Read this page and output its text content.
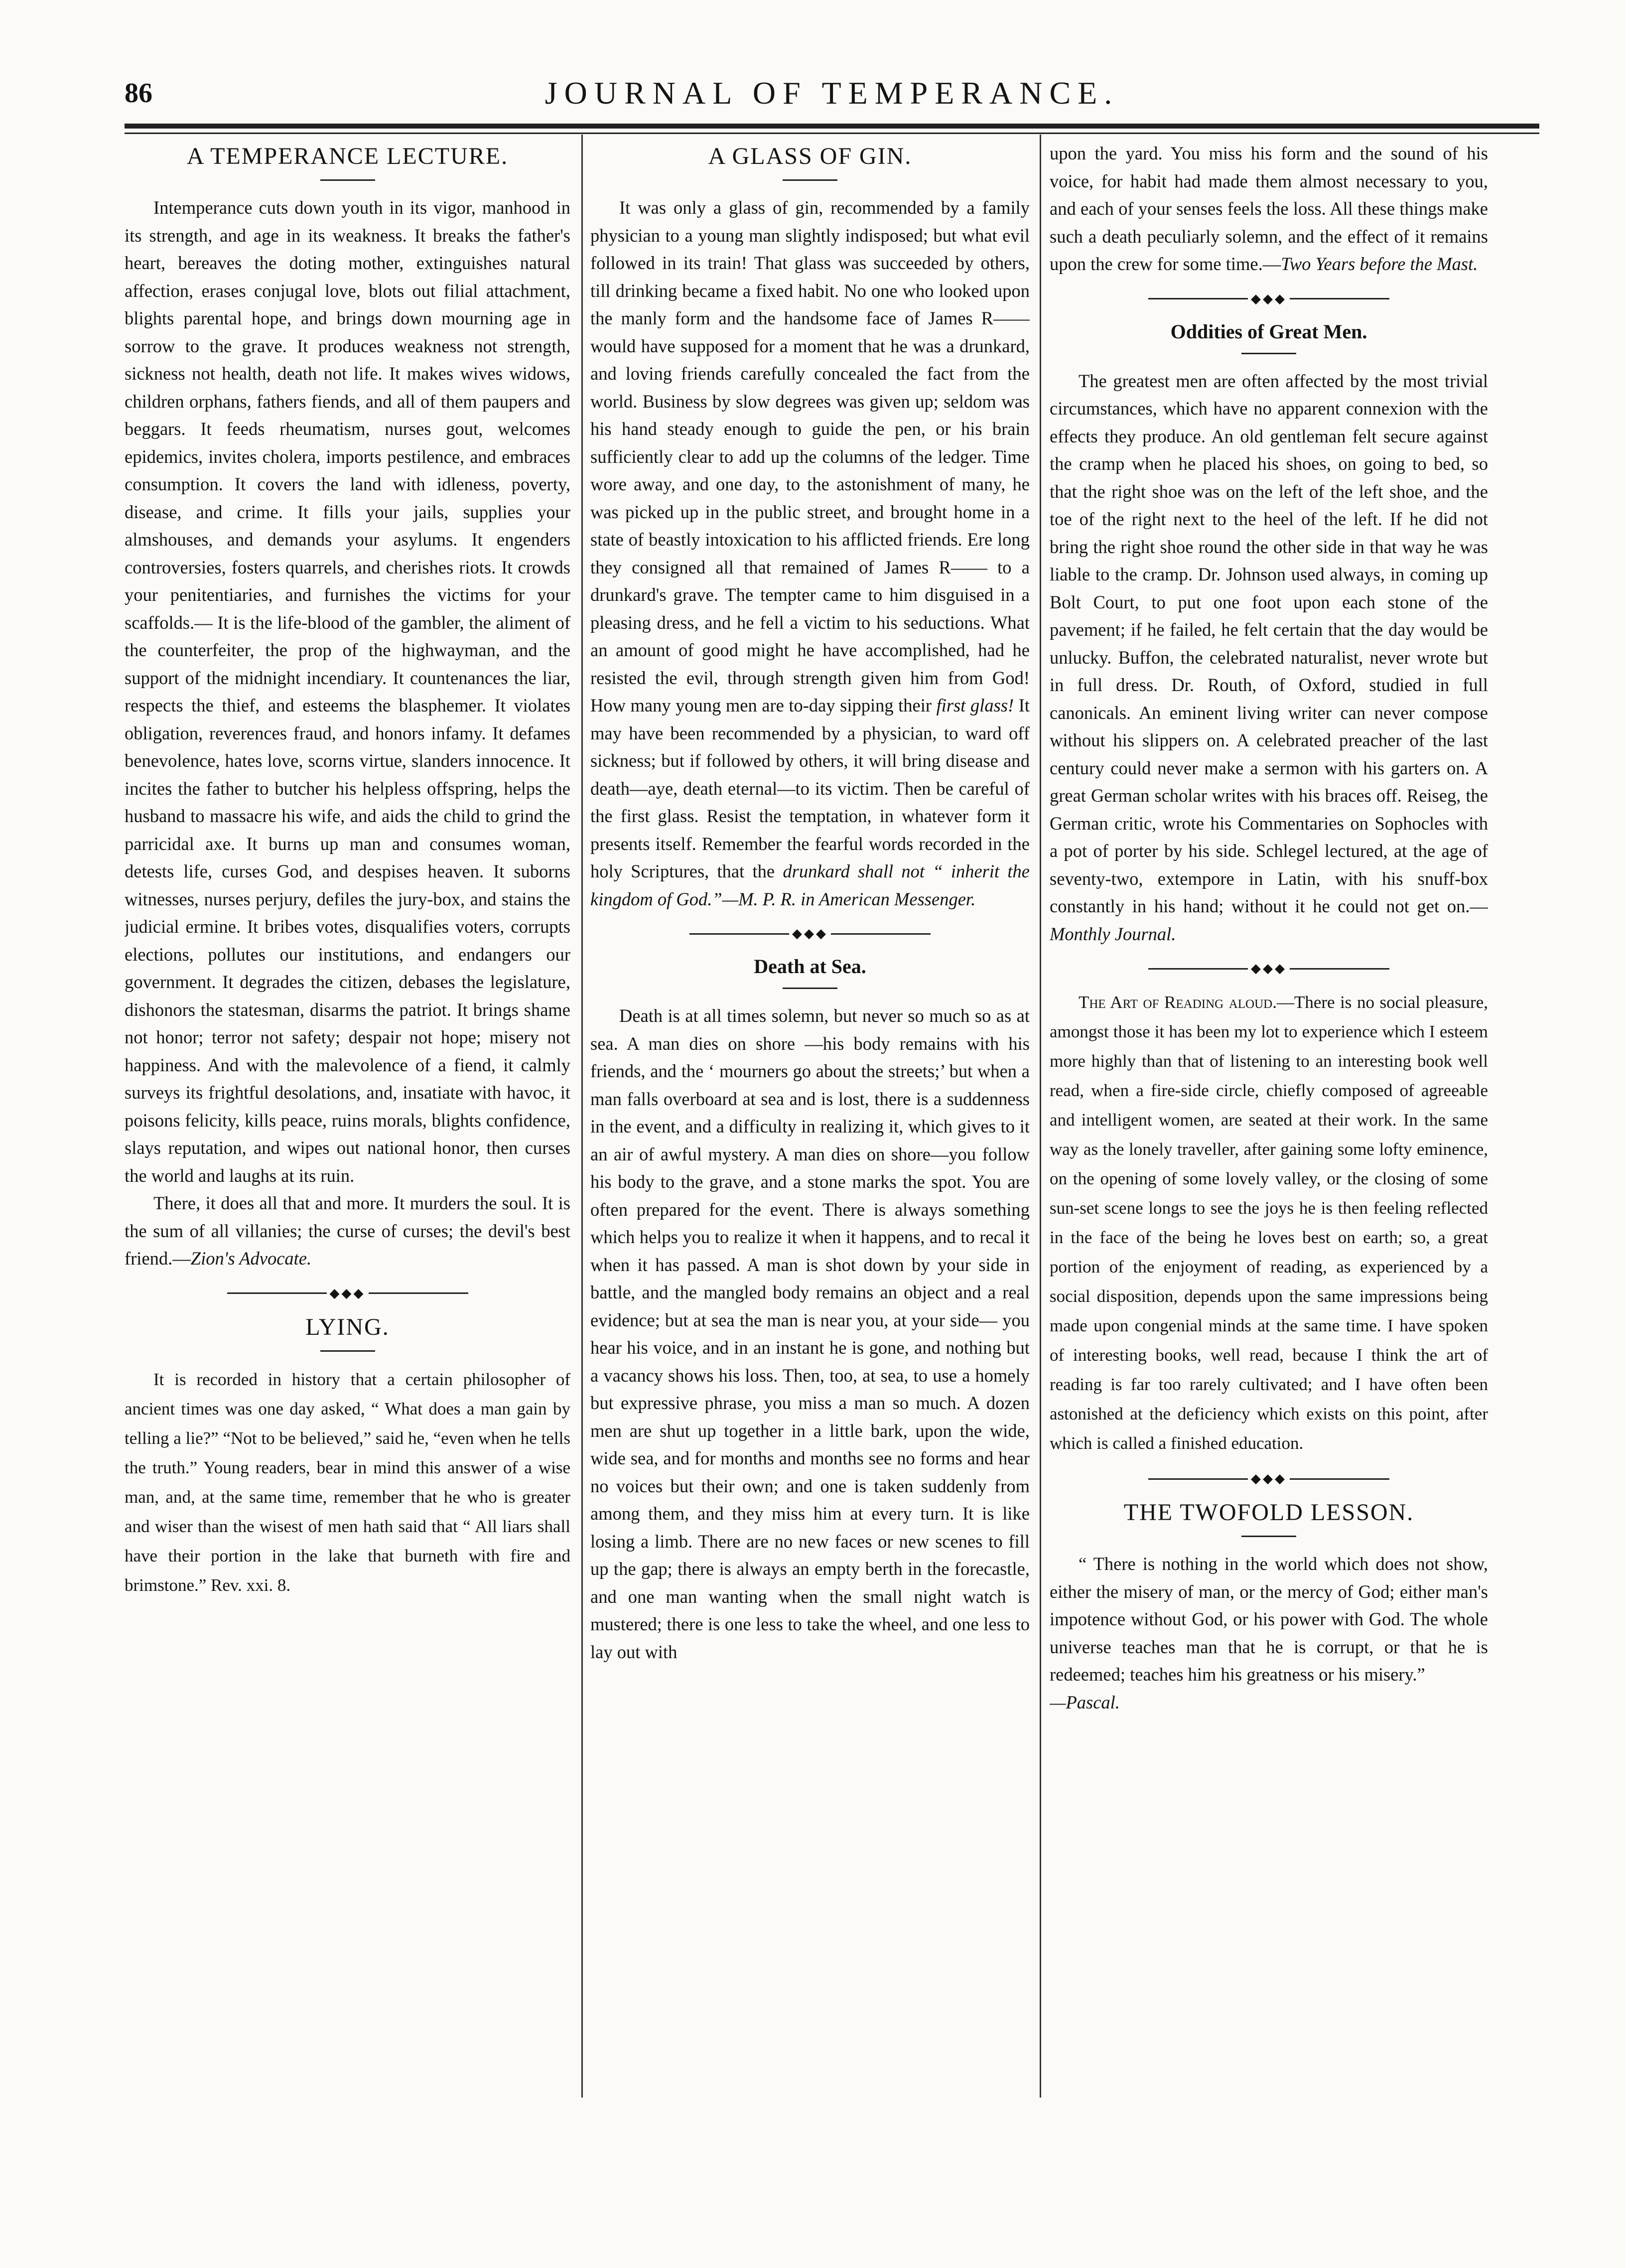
86	JOURNAL OF TEMPERANCE.
A TEMPERANCE LECTURE.

Intemperance cuts down youth in its vigor, manhood in its strength, and age in its weakness. It breaks the father's heart, bereaves the doting mother, extinguishes natural affection, erases conjugal love, blots out filial attachment, blights parental hope, and brings down mourning age in sorrow to the grave. It produces weakness not strength, sickness not health, death not life. It makes wives widows, children orphans, fathers fiends, and all of them paupers and beggars. It feeds rheumatism, nurses gout, welcomes epidemics, invites cholera, imports pestilence, and embraces consumption. It covers the land with idleness, poverty, disease, and crime. It fills your jails, supplies your almshouses, and demands your asylums. It engenders controversies, fosters quarrels, and cherishes riots. It crowds your penitentiaries, and furnishes the victims for your scaffolds.— It is the life-blood of the gambler, the aliment of the counterfeiter, the prop of the highwayman, and the support of the midnight incendiary. It countenances the liar, respects the thief, and esteems the blasphemer. It violates obligation, reverences fraud, and honors infamy. It defames benevolence, hates love, scorns virtue, slanders innocence. It incites the father to butcher his helpless offspring, helps the husband to massacre his wife, and aids the child to grind the parricidal axe. It burns up man and consumes woman, detests life, curses God, and despises heaven. It suborns witnesses, nurses perjury, defiles the jury-box, and stains the judicial ermine. It bribes votes, disqualifies voters, corrupts elections, pollutes our institutions, and endangers our government. It degrades the citizen, debases the legislature, dishonors the statesman, disarms the patriot. It brings shame not honor; terror not safety; despair not hope; misery not happiness. And with the malevolence of a fiend, it calmly surveys its frightful desolations, and, insatiate with havoc, it poisons felicity, kills peace, ruins morals, blights confidence, slays reputation, and wipes out national honor, then curses the world and laughs at its ruin.

There, it does all that and more. It murders the soul. It is the sum of all villanies; the curse of curses; the devil's best friend.—Zion's Advocate.

◆◆◆
LYING.

It is recorded in history that a certain philosopher of ancient times was one day asked, “ What does a man gain by telling a lie?” “Not to be believed,” said he, “even when he tells the truth.” Young readers, bear in mind this answer of a wise man, and, at the same time, remember that he who is greater and wiser than the wisest of men hath said that “ All liars shall have their portion in the lake that burneth with fire and brimstone.” Rev. xxi. 8.

A GLASS OF GIN.

It was only a glass of gin, recommended by a family physician to a young man slightly indisposed; but what evil followed in its train! That glass was succeeded by others, till drinking became a fixed habit. No one who looked upon the manly form and the handsome face of James R—— would have supposed for a moment that he was a drunkard, and loving friends carefully concealed the fact from the world. Business by slow degrees was given up; seldom was his hand steady enough to guide the pen, or his brain sufficiently clear to add up the columns of the ledger. Time wore away, and one day, to the astonishment of many, he was picked up in the public street, and brought home in a state of beastly intoxication to his afflicted friends. Ere long they consigned all that remained of James R—— to a drunkard's grave. The tempter came to him disguised in a pleasing dress, and he fell a victim to his seductions. What an amount of good might he have accomplished, had he resisted the evil, through strength given him from God! How many young men are to-day sipping their first glass! It may have been recommended by a physician, to ward off sickness; but if followed by others, it will bring disease and death—aye, death eternal—to its victim. Then be careful of the first glass. Resist the temptation, in whatever form it presents itself. Remember the fearful words recorded in the holy Scriptures, that the drunkard shall not “ inherit the kingdom of God.”—M. P. R. in American Messenger.

◆◆◆
Death at Sea.

Death is at all times solemn, but never so much so as at sea. A man dies on shore —his body remains with his friends, and the ‘ mourners go about the streets;’ but when a man falls overboard at sea and is lost, there is a suddenness in the event, and a difficulty in realizing it, which gives to it an air of awful mystery. A man dies on shore—you follow his body to the grave, and a stone marks the spot. You are often prepared for the event. There is always something which helps you to realize it when it happens, and to recal it when it has passed. A man is shot down by your side in battle, and the mangled body remains an object and a real evidence; but at sea the man is near you, at your side— you hear his voice, and in an instant he is gone, and nothing but a vacancy shows his loss. Then, too, at sea, to use a homely but expressive phrase, you miss a man so much. A dozen men are shut up together in a little bark, upon the wide, wide sea, and for months and months see no forms and hear no voices but their own; and one is taken suddenly from among them, and they miss him at every turn. It is like losing a limb. There are no new faces or new scenes to fill up the gap; there is always an empty berth in the forecastle, and one man wanting when the small night watch is mustered; there is one less to take the wheel, and one less to lay out with

upon the yard. You miss his form and the sound of his voice, for habit had made them almost necessary to you, and each of your senses feels the loss. All these things make such a death peculiarly solemn, and the effect of it remains upon the crew for some time.—Two Years before the Mast.

◆◆◆
Oddities of Great Men.

The greatest men are often affected by the most trivial circumstances, which have no apparent connexion with the effects they produce. An old gentleman felt secure against the cramp when he placed his shoes, on going to bed, so that the right shoe was on the left of the left shoe, and the toe of the right next to the heel of the left. If he did not bring the right shoe round the other side in that way he was liable to the cramp. Dr. Johnson used always, in coming up Bolt Court, to put one foot upon each stone of the pavement; if he failed, he felt certain that the day would be unlucky. Buffon, the celebrated naturalist, never wrote but in full dress. Dr. Routh, of Oxford, studied in full canonicals. An eminent living writer can never compose without his slippers on. A celebrated preacher of the last century could never make a sermon with his garters on. A great German scholar writes with his braces off. Reiseg, the German critic, wrote his Commentaries on Sophocles with a pot of porter by his side. Schlegel lectured, at the age of seventy-two, extempore in Latin, with his snuff-box constantly in his hand; without it he could not get on.—Monthly Journal.

◆◆◆

The Art of Reading aloud.—There is no social pleasure, amongst those it has been my lot to experience which I esteem more highly than that of listening to an interesting book well read, when a fire-side circle, chiefly composed of agreeable and intelligent women, are seated at their work. In the same way as the lonely traveller, after gaining some lofty eminence, on the opening of some lovely valley, or the closing of some sun-set scene longs to see the joys he is then feeling reflected in the face of the being he loves best on earth; so, a great portion of the enjoyment of reading, as experienced by a social disposition, depends upon the same impressions being made upon congenial minds at the same time. I have spoken of interesting books, well read, because I think the art of reading is far too rarely cultivated; and I have often been astonished at the deficiency which exists on this point, after which is called a finished education.

◆◆◆
THE TWOFOLD LESSON.

“ There is nothing in the world which does not show, either the misery of man, or the mercy of God; either man's impotence without God, or his power with God. The whole universe teaches man that he is corrupt, or that he is redeemed; teaches him his greatness or his misery.”

—Pascal.
